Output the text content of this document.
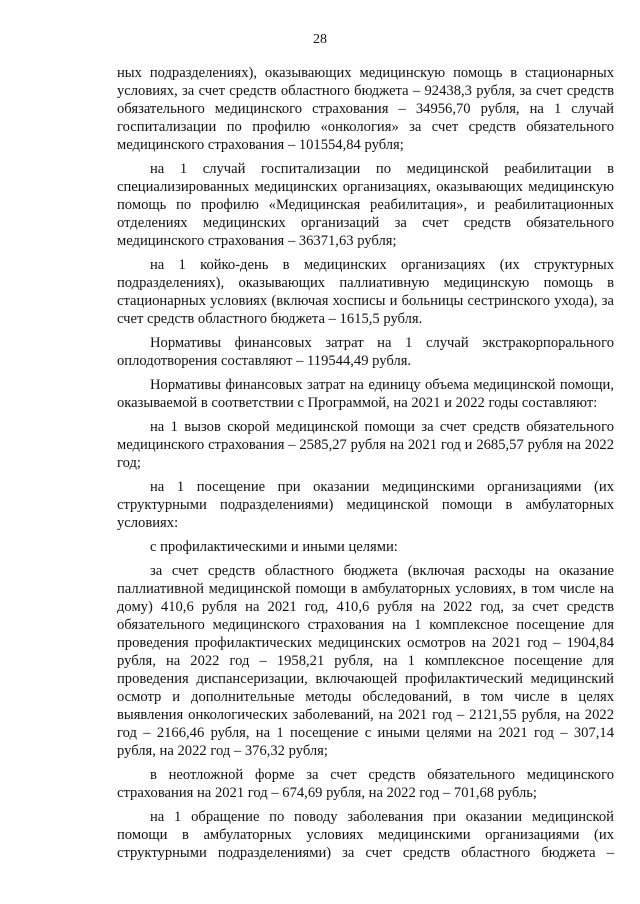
28

ных подразделениях), оказывающих медицинскую помощь в стационарных условиях, за счет средств областного бюджета – 92438,3 рубля, за счет средств обязательного медицинского страхования – 34956,70 рубля, на 1 случай госпитализации по профилю «онкология» за счет средств обязательного медицинского страхования – 101554,84 рубля;

на 1 случай госпитализации по медицинской реабилитации в специализированных медицинских организациях, оказывающих медицинскую помощь по профилю «Медицинская реабилитация», и реабилитационных отделениях медицинских организаций за счет средств обязательного медицинского страхования – 36371,63 рубля;

на 1 койко-день в медицинских организациях (их структурных подразделениях), оказывающих паллиативную медицинскую помощь в стационарных условиях (включая хосписы и больницы сестринского ухода), за счет средств областного бюджета – 1615,5 рубля.

Нормативы финансовых затрат на 1 случай экстракорпорального оплодотворения составляют – 119544,49 рубля.

Нормативы финансовых затрат на единицу объема медицинской помощи, оказываемой в соответствии с Программой, на 2021 и 2022 годы составляют:

на 1 вызов скорой медицинской помощи за счет средств обязательного медицинского страхования – 2585,27 рубля на 2021 год и 2685,57 рубля на 2022 год;

на 1 посещение при оказании медицинскими организациями (их структурными подразделениями) медицинской помощи в амбулаторных условиях:

с профилактическими и иными целями:

за счет средств областного бюджета (включая расходы на оказание паллиативной медицинской помощи в амбулаторных условиях, в том числе на дому) 410,6 рубля на 2021 год, 410,6 рубля на 2022 год, за счет средств обязательного медицинского страхования на 1 комплексное посещение для проведения профилактических медицинских осмотров на 2021 год – 1904,84 рубля, на 2022 год – 1958,21 рубля, на 1 комплексное посещение для проведения диспансеризации, включающей профилактический медицинский осмотр и дополнительные методы обследований, в том числе в целях выявления онкологических заболеваний, на 2021 год – 2121,55 рубля, на 2022 год – 2166,46 рубля, на 1 посещение с иными целями на 2021 год – 307,14 рубля, на 2022 год – 376,32 рубля;

в неотложной форме за счет средств обязательного медицинского страхования на 2021 год – 674,69 рубля, на 2022 год – 701,68 рубль;

на 1 обращение по поводу заболевания при оказании медицинской помощи в амбулаторных условиях медицинскими организациями (их структурными подразделениями) за счет средств областного бюджета –
